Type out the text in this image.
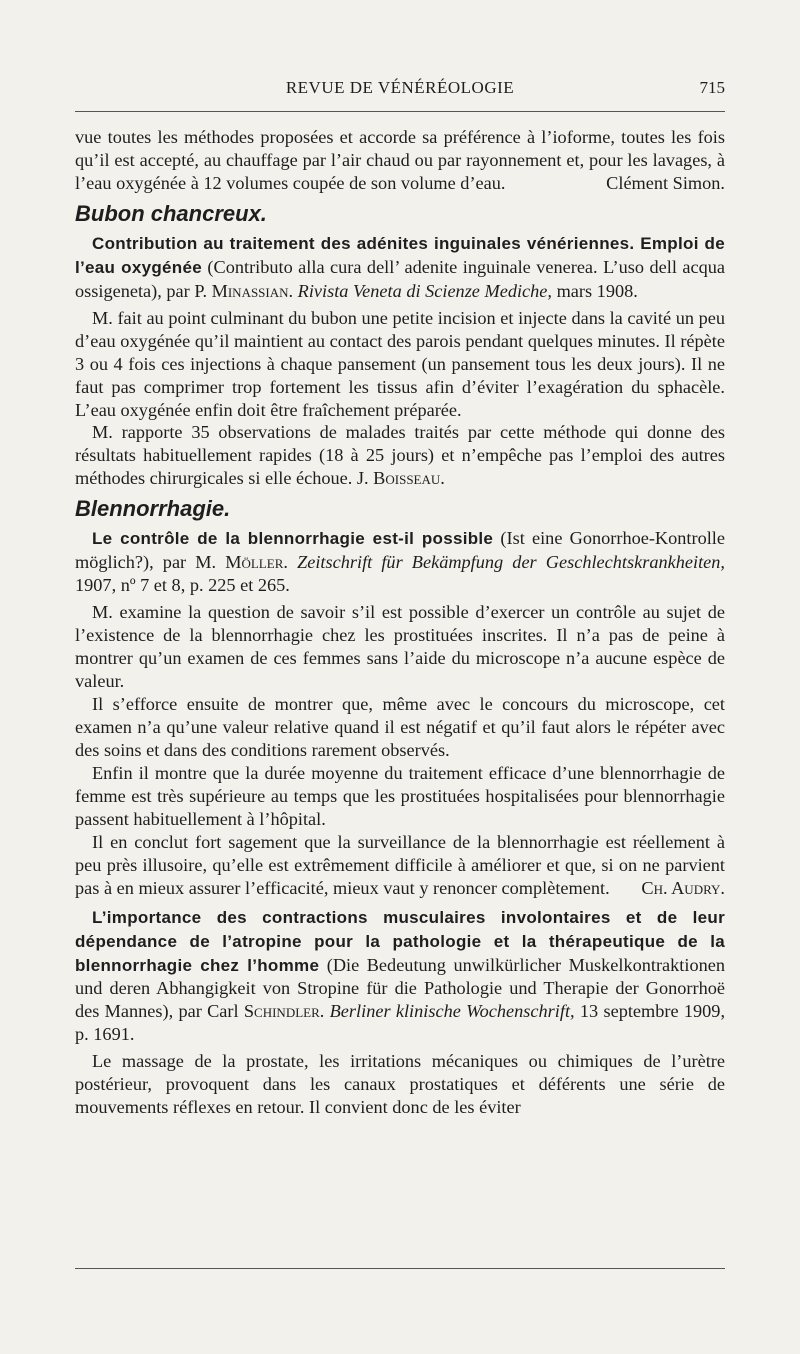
REVUE DE VÉNÉRÉOLOGIE	715

vue toutes les méthodes proposées et accorde sa préférence à l’ioforme, toutes les fois qu’il est accepté, au chauffage par l’air chaud ou par rayonnement et, pour les lavages, à l’eau oxygénée à 12 volumes coupée de son volume d’eau.	Clément Simon.

Bubon chancreux.

Contribution au traitement des adénites inguinales vénériennes. Emploi de l’eau oxygénée (Contributo alla cura dell’ adenite inguinale venerea. L’uso dell acqua ossigeneta), par P. Minassian. Rivista Veneta di Scienze Mediche, mars 1908.

M. fait au point culminant du bubon une petite incision et injecte dans la cavité un peu d’eau oxygénée qu’il maintient au contact des parois pendant quelques minutes. Il répète 3 ou 4 fois ces injections à chaque pansement (un pansement tous les deux jours). Il ne faut pas comprimer trop fortement les tissus afin d’éviter l’exagération du sphacèle. L’eau oxygénée enfin doit être fraîchement préparée.

M. rapporte 35 observations de malades traités par cette méthode qui donne des résultats habituellement rapides (18 à 25 jours) et n’empêche pas l’emploi des autres méthodes chirurgicales si elle échoue. J. Boisseau.

Blennorrhagie.

Le contrôle de la blennorrhagie est-il possible (Ist eine Gonorrhoe-Kontrolle möglich?), par M. Möller. Zeitschrift für Bekämpfung der Geschlechtskrankheiten, 1907, nº 7 et 8, p. 225 et 265.

M. examine la question de savoir s’il est possible d’exercer un contrôle au sujet de l’existence de la blennorrhagie chez les prostituées inscrites. Il n’a pas de peine à montrer qu’un examen de ces femmes sans l’aide du microscope n’a aucune espèce de valeur.

Il s’efforce ensuite de montrer que, même avec le concours du microscope, cet examen n’a qu’une valeur relative quand il est négatif et qu’il faut alors le répéter avec des soins et dans des conditions rarement observés.

Enfin il montre que la durée moyenne du traitement efficace d’une blennorrhagie de femme est très supérieure au temps que les prostituées hospitalisées pour blennorrhagie passent habituellement à l’hôpital.

Il en conclut fort sagement que la surveillance de la blennorrhagie est réellement à peu près illusoire, qu’elle est extrêmement difficile à améliorer et que, si on ne parvient pas à en mieux assurer l’efficacité, mieux vaut y renoncer complètement.	Ch. Audry.

L’importance des contractions musculaires involontaires et de leur dépendance de l’atropine pour la pathologie et la thérapeutique de la blennorrhagie chez l’homme (Die Bedeutung unwilkürlicher Muskelkontraktionen und deren Abhangigkeit von Stropine für die Pathologie und Therapie der Gonorrhoë des Mannes), par Carl Schindler. Berliner klinische Wochenschrift, 13 septembre 1909, p. 1691.

Le massage de la prostate, les irritations mécaniques ou chimiques de l’urètre postérieur, provoquent dans les canaux prostatiques et déférents une série de mouvements réflexes en retour. Il convient donc de les éviter
